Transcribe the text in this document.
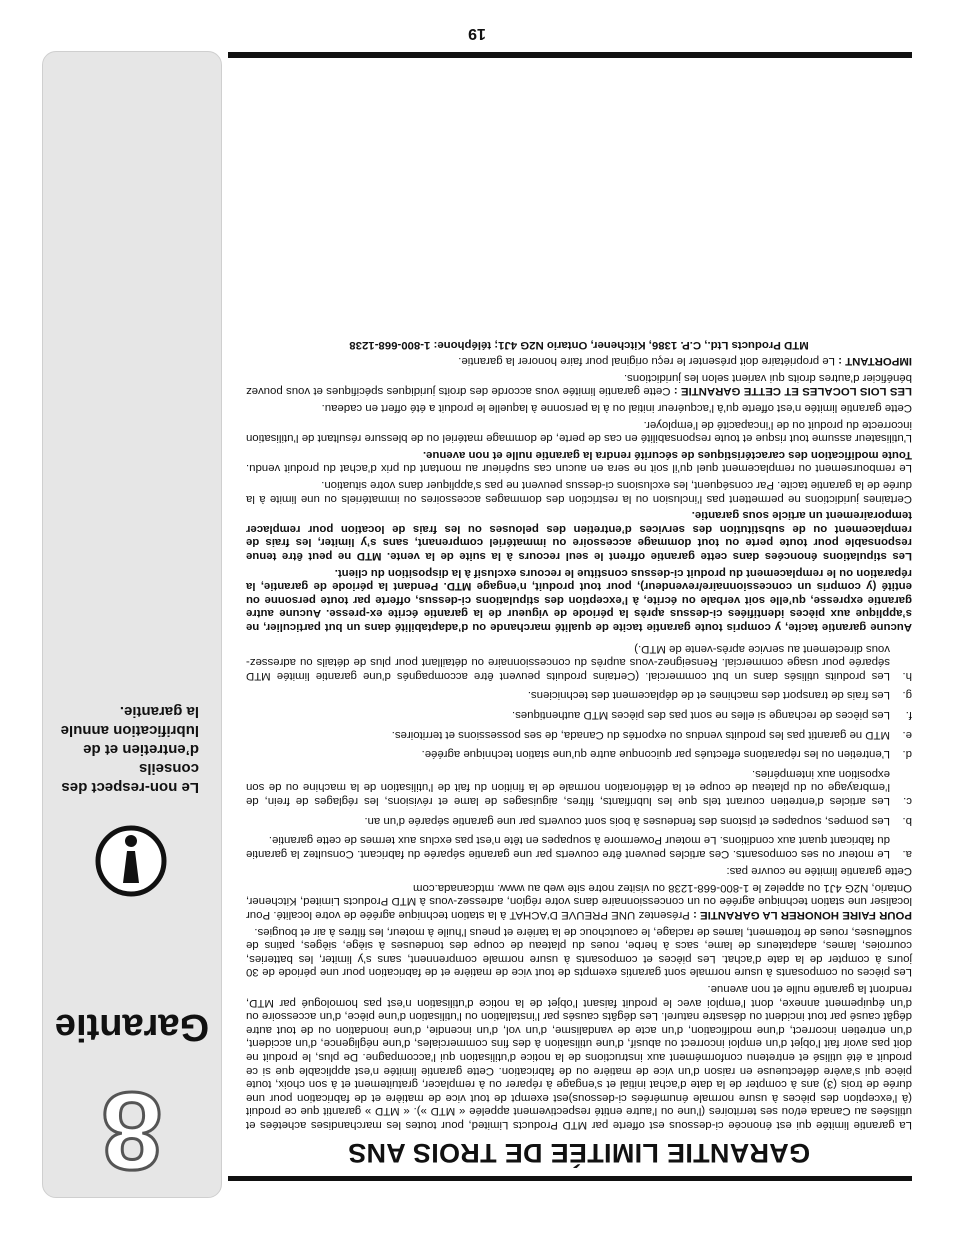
8
Garantie
Le non-respect des conseils d’entretien et de lubrification annule la garantie.
GARANTIE LIMITÉE DE TROIS ANS

La garantie limitée qui est énoncée ci-dessous est offerte par MTD Products Limited, pour toutes les marchandises achetées et utilisées au Canada et/ou ses territoires (l’une ou l’autre entité respectivement appelée « MTD »). « MTD » garantit que ce produit (à l’exception des pièces à usure normale énumérées ci-dessous)est exempt de tout vice de matière et de fabrication pour une durée de trois (3) ans à compter de la date d’achat initial et s’engage à réparer ou à remplacer, gratuitement et à son choix, toute pièce qui s’avère défectueuse en raison d’un vice de matière ou de fabrication. Cette garantie limitée n’est applicable que si ce produit a été utilisé et entretenu conformément aux instructions de la notice d’utilisation qui l’accompagne. De plus, le produit ne doit pas avoir fait l’objet d’un emploi incorrect ou abusif, d’une utilisation à des fins commerciales, d’une négligence, d’un accident, d’un entretien incorrect, d’une modification, d’un acte de vandalisme, d’un vol, d’un incendie, d’une inondation ou de tout autre dégât causé par tout incident ou désastre naturel. Les dégâts causés par l’installation ou l’utilisation d’une pièce, d’un accessoire ou d’un équipement annexe, dont l’emploi avec le produit faisant l’objet de la notice d’utilisation n’est pas homologué par MTD, rendront la garantie nulle et non avenue.

Les pièces ou composants à usure normale sont garantis exempts de tout vice de matière et de fabrication pour une période de 30 jours à compter de la date d’achat. Les pièces et composants à usure normale comprennent, sans s’y limiter, les batteries, courroies, lames, adaptateurs de lame, sacs à herbe, roues du plateau de coupe des tondeuses à siège, sièges, patins de souffleuses, roues de frottement, lames de raclage, le caoutchouc de la tarière et pneus l’huile à moteur, les filtres à air et bougies.

POUR FAIRE HONORER LA GARANTIE : Présentez UNE PREUVE D’ACHAT à la station technique agréée de votre localité. Pour localiser une station technique agréée ou un concessionnaire dans votre région, adressez-vous à MTD Products Limited, Kitchener, Ontario, N2G 4J1 ou appelez le 1-800-668-1238 ou visitez notre site web au www. mtdcanada.com

Cette garantie limitée ne couvre pas:

a.
Le moteur ou ses composants. Ces articles peuvent être couverts par une garantie séparée du fabricant. Consultez la garantie du fabricant quant aux conditions. Le moteur Powermore à soupapes en tête n’est pas exclus aux termes de cette garantie.
b.
Les pompes, soupapes et pistons des fendeuses à bois sont couverts par une garantie séparée d’un an.
c.
Les articles d’entretien courant tels que les lubrifiants, filtres, aiguisages de lame et révisions, les réglages de frein, de l’embrayage ou du plateau de coupe et la détérioration normale de la finition du fait de l’utilisation de la machine ou de son exposition aux intempéries.
d.
L’entretien ou les réparations effectués par quiconque autre qu’une station technique agréée.
e.
MTD ne garantit pas les produits vendus ou exportés du Canada, de ses possessions et territoires.
f.
Les pièces de rechange si elles ne sont pas des pièces MTD authentiques.
g.
Les frais de transport des machines et de déplacement des techniciens.
h.
Les produits utilisés dans un but commercial. (Certains produits peuvent être accompagnés d’une garantie limitée MTD séparée pour usage commercial. Renseignez-vous auprès du concessionnaire ou détaillant pour plus de détails ou adressez-vous directement au service après-vente de MTD.)

Aucune garantie tacite, y compris toute garantie tacite de qualité marchande ou d’adaptabilité dans un but particulier, ne s’applique aux pièces identifiées ci-dessus après la période de vigueur de la garantie écrite ex-presse. Aucune autre garantie expresse, qu’elle soit verbale ou écrite, à l’exception des stipulations ci-dessus, offerte par toute personne ou entité (y compris un concessionnaire/revendeur), pour tout produit, n’engage MTD. Pendant la période de garantie, la réparation ou le remplacement du produit ci-dessus constitue le recours exclusif à la disposition du client.

Les stipulations énoncées dans cette garantie offrent le seul recours à la suite de la vente. MTD ne peut être tenue responsable pour toute perte ou tout dommage accessoire ou immatériel comprenant, sans s’y limiter, les frais de remplacement ou de substitution des services d’entretien des pelouses ou les frais de location pour remplacer temporairement un article sous garantie.

Certaines juridictions ne permettent pas l’inclusion ou la restriction des dommages accessoires ou immatériels ou une limite à la durée de la garantie tacite. Par conséquent, les exclusions ci-dessus peuvent ne pas s’appliquer dans votre situation.

Le remboursement ou remplacement quel qu’il soit ne sera en aucun cas supérieur au montant du prix d’achat du produit vendu. Toute modification des caractéristiques de sécurité rendra la garantie nulle et non avenue.

L’utilisateur assume tout risque et toute responsabilité en cas de perte, de dommage matériel ou de blessure résultant de l’utilisation incorrecte du produit ou de l’incapacité de l’employer.

Cette garantie limitée n’est offerte qu’à l’acquéreur initial ou à la personne à laquelle le produit a été offert en cadeau.

LES LOIS LOCALES ET CETTE GARANTIE : Cette garantie limitée vous accorde des droits juridiques spécifiques et vous pouvez bénéficier d’autres droits qui varient selon les juridictions.

IMPORTANT : Le propriétaire doit présenter le reçu original pour faire honorer la garantie.

MTD Products Ltd., C.P. 1386, Kitchener, Ontario N2G 4J1; téléphone: 1-800-668-1238

19
